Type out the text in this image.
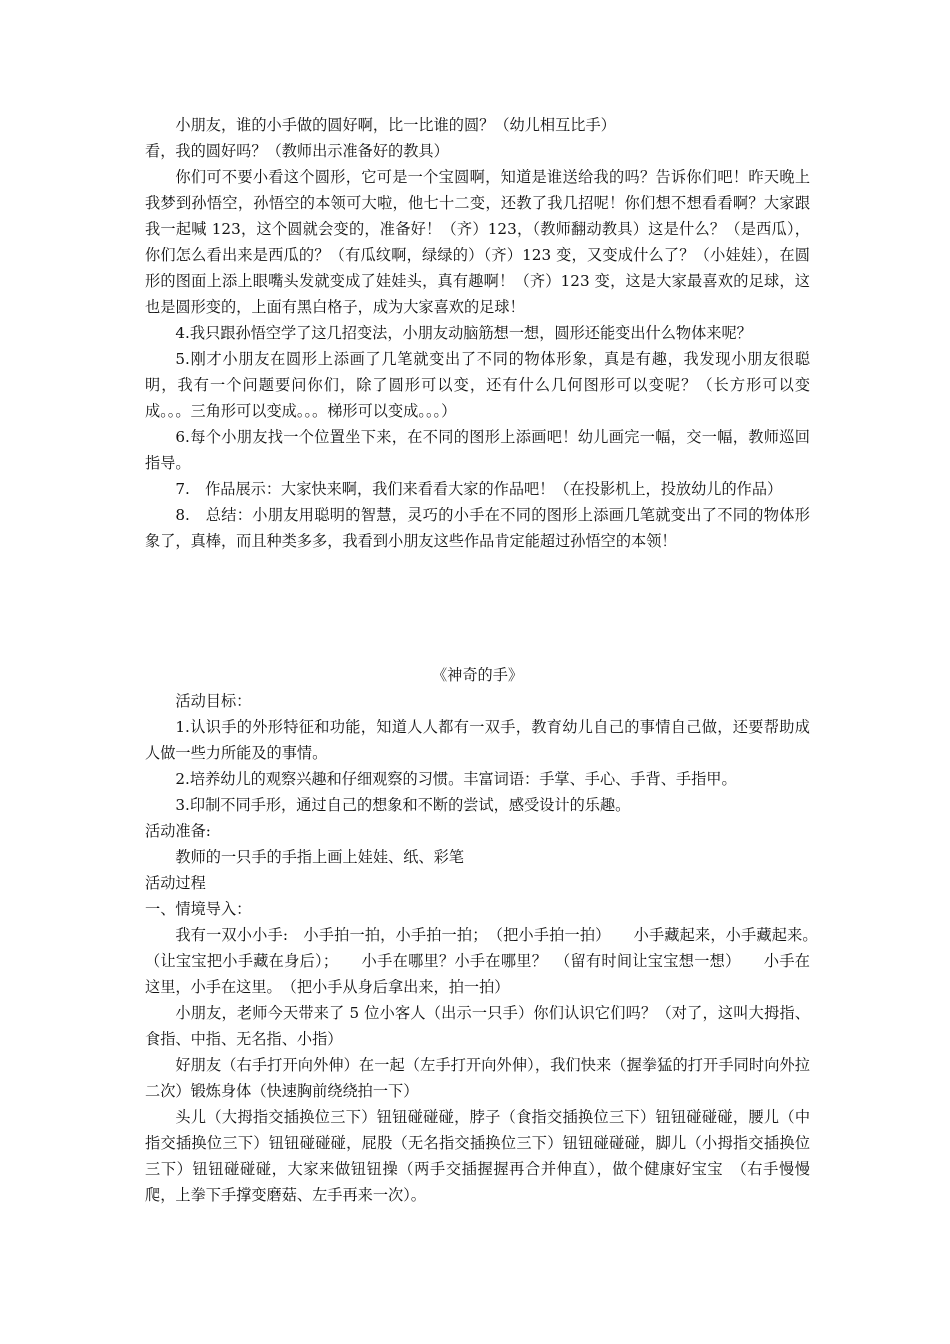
小朋友，谁的小手做的圆好啊，比一比谁的圆？（幼儿相互比手）

看，我的圆好吗？（教师出示准备好的教具）

你们可不要小看这个圆形，它可是一个宝圆啊，知道是谁送给我的吗？告诉你们吧！昨天晚上我梦到孙悟空，孙悟空的本领可大啦，他七十二变，还教了我几招呢！你们想不想看看啊？大家跟我一起喊 123，这个圆就会变的，准备好！（齐）123，（教师翻动教具）这是什么？（是西瓜），你们怎么看出来是西瓜的？（有瓜纹啊，绿绿的）（齐）123 变，又变成什么了？（小娃娃），在圆形的图面上添上眼嘴头发就变成了娃娃头，真有趣啊！（齐）123 变，这是大家最喜欢的足球，这也是圆形变的，上面有黑白格子，成为大家喜欢的足球！

4.我只跟孙悟空学了这几招变法，小朋友动脑筋想一想，圆形还能变出什么物体来呢？

5.刚才小朋友在圆形上添画了几笔就变出了不同的物体形象，真是有趣，我发现小朋友很聪明，我有一个问题要问你们，除了圆形可以变，还有什么几何图形可以变呢？（长方形可以变成。。。三角形可以变成。。。梯形可以变成。。。）

6.每个小朋友找一个位置坐下来，在不同的图形上添画吧！幼儿画完一幅，交一幅，教师巡回指导。

7.　作品展示：大家快来啊，我们来看看大家的作品吧！（在投影机上，投放幼儿的作品）

8.　总结：小朋友用聪明的智慧，灵巧的小手在不同的图形上添画几笔就变出了不同的物体形象了，真棒，而且种类多多，我看到小朋友这些作品肯定能超过孙悟空的本领！

《神奇的手》

活动目标：

1.认识手的外形特征和功能，知道人人都有一双手，教育幼儿自己的事情自己做，还要帮助成人做一些力所能及的事情。

2.培养幼儿的观察兴趣和仔细观察的习惯。丰富词语：手掌、手心、手背、手指甲。

3.印制不同手形，通过自己的想象和不断的尝试，感受设计的乐趣。

活动准备:

教师的一只手的手指上画上娃娃、纸、彩笔

活动过程

一、情境导入：

我有一双小小手:　小手拍一拍，小手拍一拍；　（把小手拍一拍）　　小手藏起来，小手藏起来。　（让宝宝把小手藏在身后）；　　小手在哪里？小手在哪里？　（留有时间让宝宝想一想）　　小手在这里，小手在这里。　（把小手从身后拿出来，拍一拍）

小朋友，老师今天带来了 5 位小客人（出示一只手）你们认识它们吗？（对了，这叫大拇指、食指、中指、无名指、小指）

好朋友（右手打开向外伸）在一起（左手打开向外伸），我们快来（握拳猛的打开手同时向外拉二次）锻炼身体（快速胸前绕绕拍一下）

头儿（大拇指交插换位三下）钮钮碰碰碰，脖子（食指交插换位三下）钮钮碰碰碰，腰儿（中指交插换位三下）钮钮碰碰碰，屁股（无名指交插换位三下）钮钮碰碰碰，脚儿（小拇指交插换位三下）钮钮碰碰碰，大家来做钮钮操（两手交插握握再合并伸直），做个健康好宝宝　（右手慢慢爬，上拳下手撑变磨菇、左手再来一次）。
